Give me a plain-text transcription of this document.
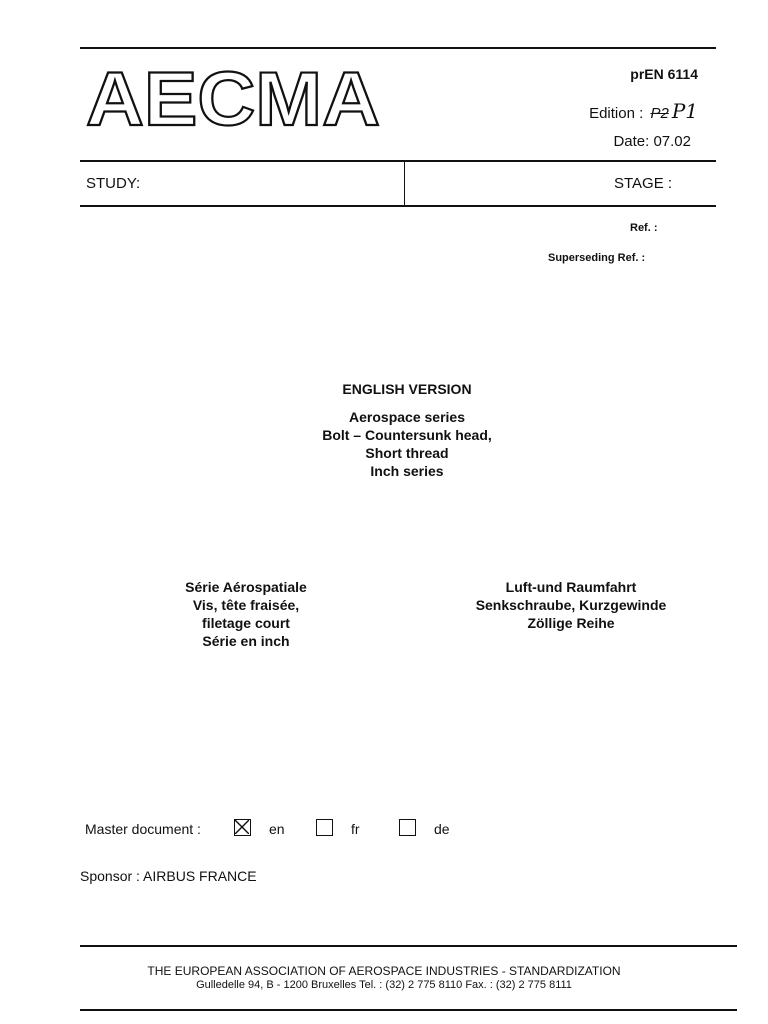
AECMA	prEN 6114
Edition : P2 P1
Date: 07.02
STUDY:	STAGE :
Ref. :
Superseding Ref. :
ENGLISH VERSION
Aerospace series
Bolt – Countersunk head,
Short thread
Inch series
Série Aérospatiale
Vis, tête fraisée,
filetage court
Série en inch
Luft-und Raumfahrt
Senkschraube, Kurzgewinde
Zöllige Reihe
Master document :	en	fr	de
Sponsor : AIRBUS FRANCE
THE EUROPEAN ASSOCIATION OF AEROSPACE INDUSTRIES - STANDARDIZATION
Gulledelle 94, B - 1200 Bruxelles Tel. : (32) 2 775 8110 Fax. : (32) 2 775 8111
